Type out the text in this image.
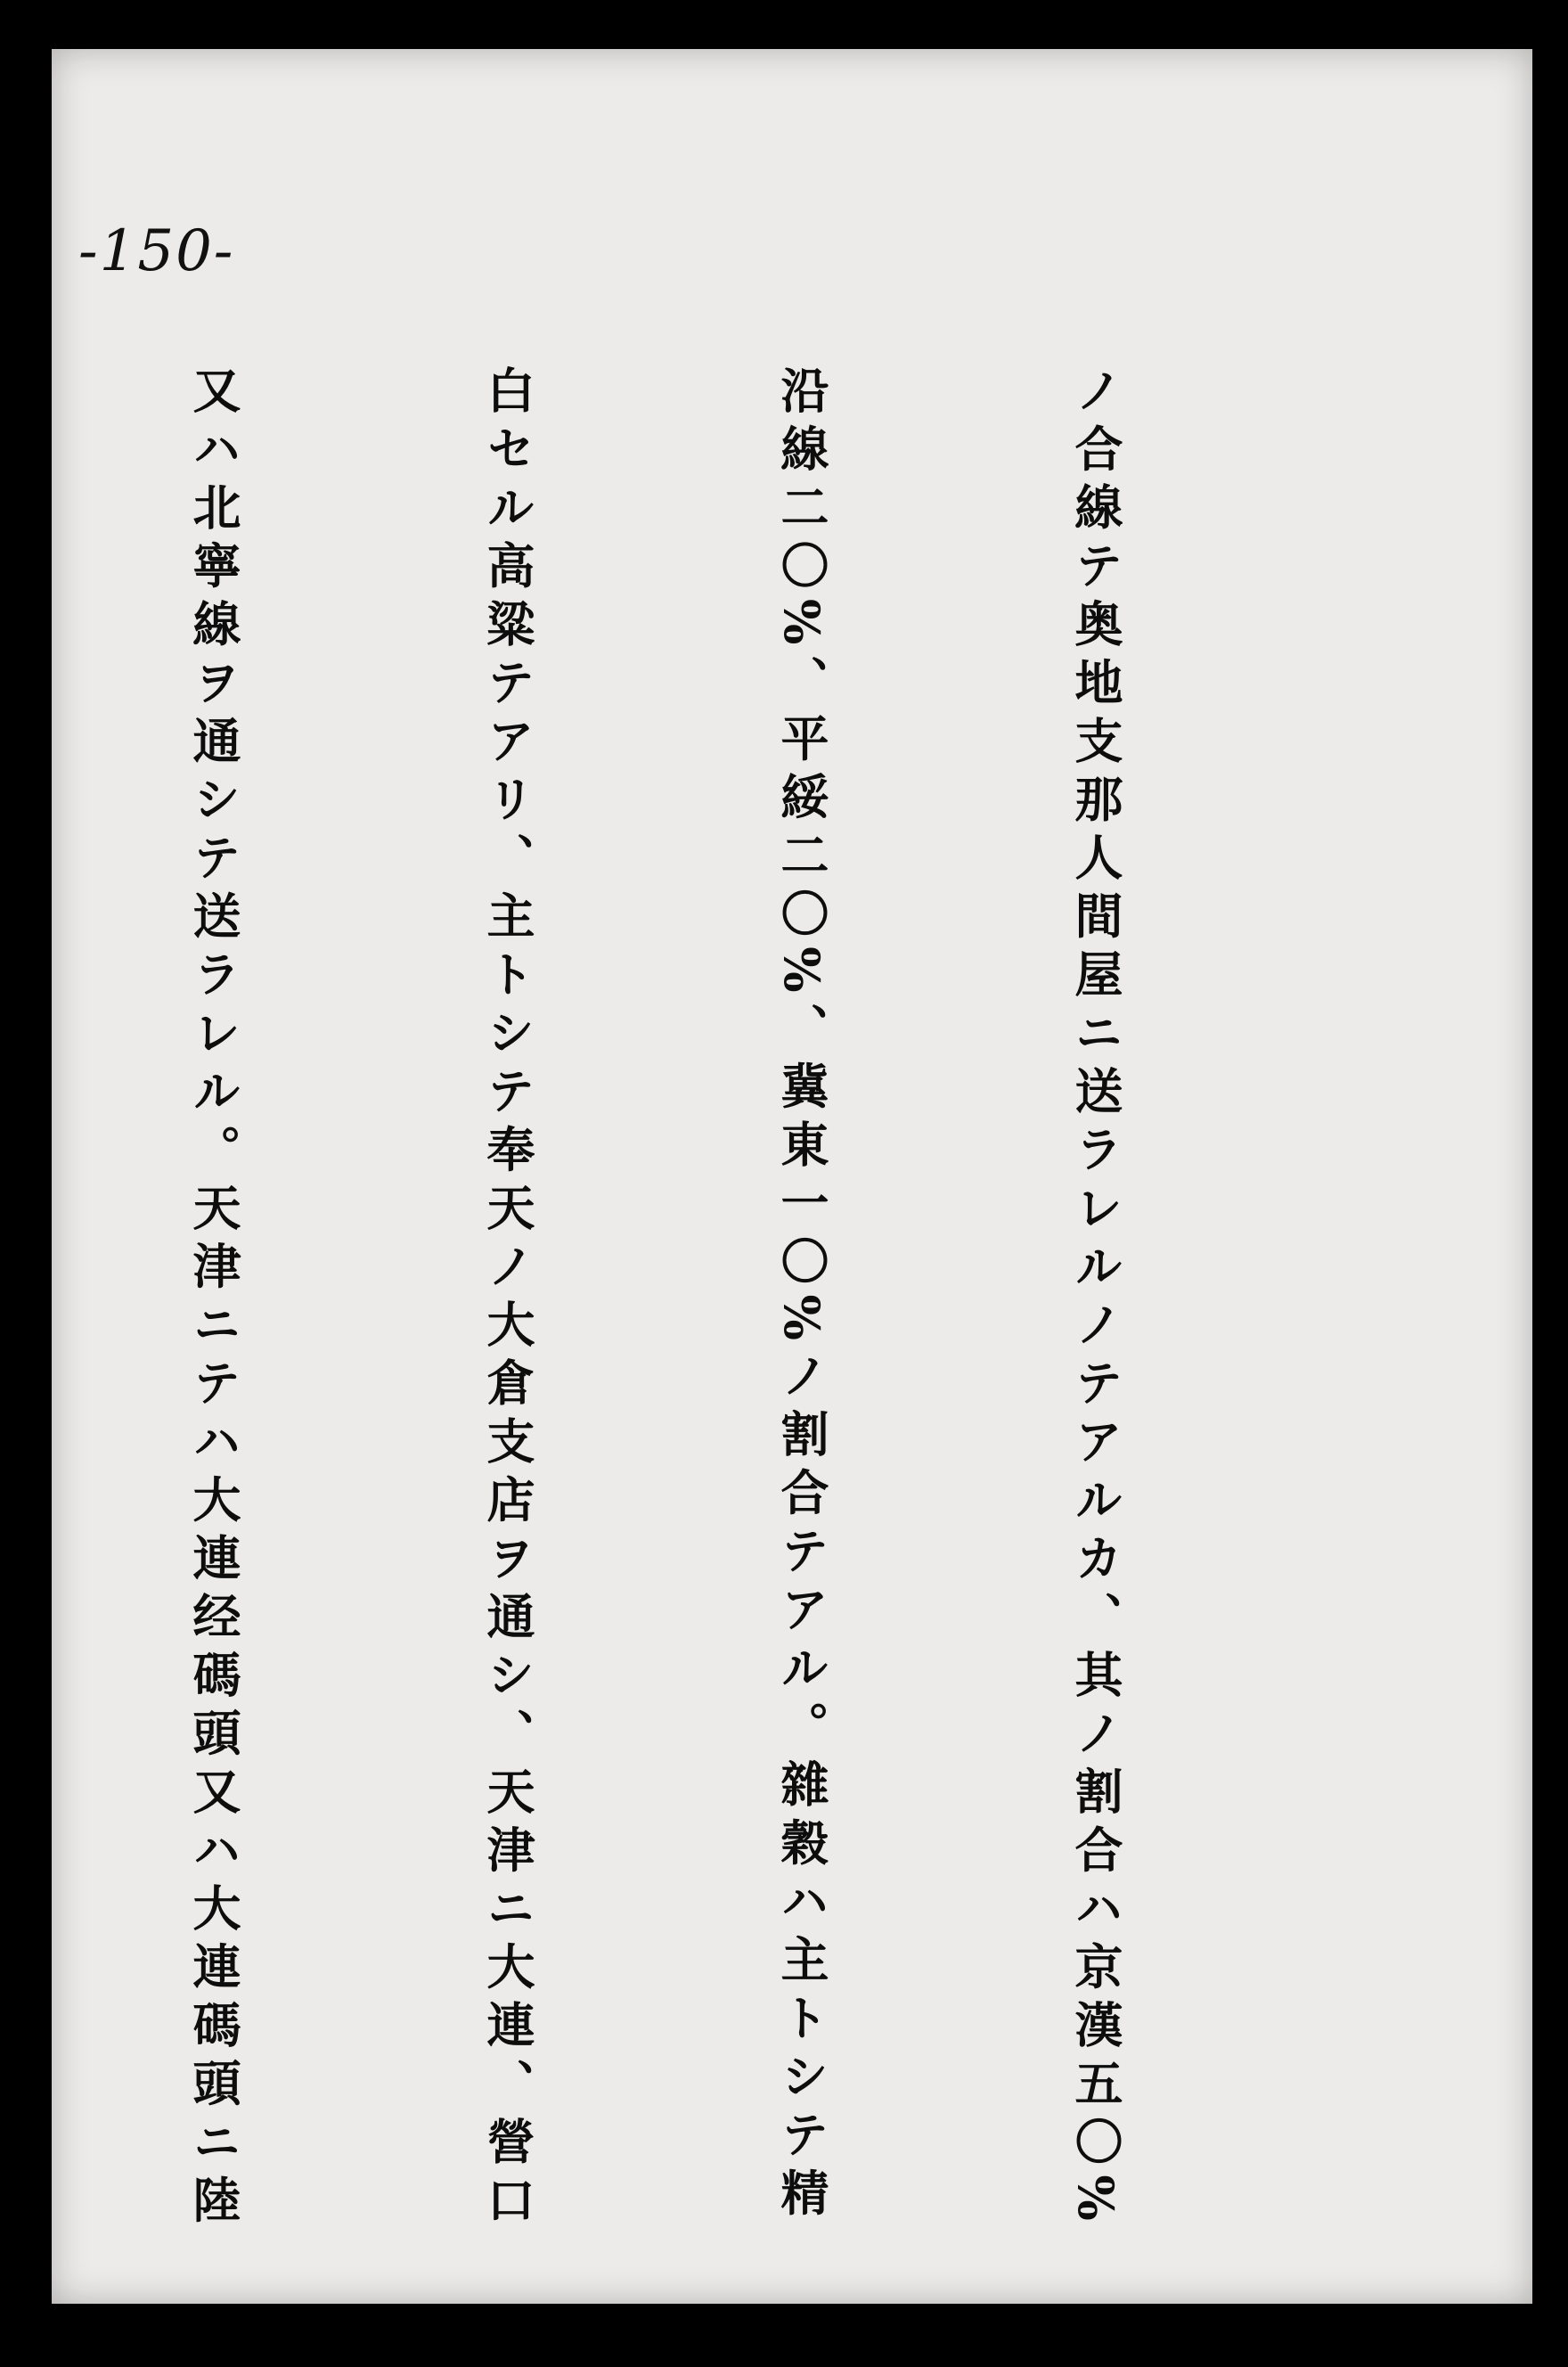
-150-

ノ合線テ奥地支那人間屋ニ送ラレルノテアルカ、其ノ割合ハ京漢五〇%

沿線二〇%、平綏二〇%、冀東一〇%ノ割合テアル。雜穀ハ主トシテ精

白セル高粱テアリ、主トシテ奉天ノ大倉支店ヲ通シ、天津ニ大連、營口

又ハ北寧線ヲ通シテ送ラレル。天津ニテハ大連经碼頭又ハ大連碼頭ニ陸
